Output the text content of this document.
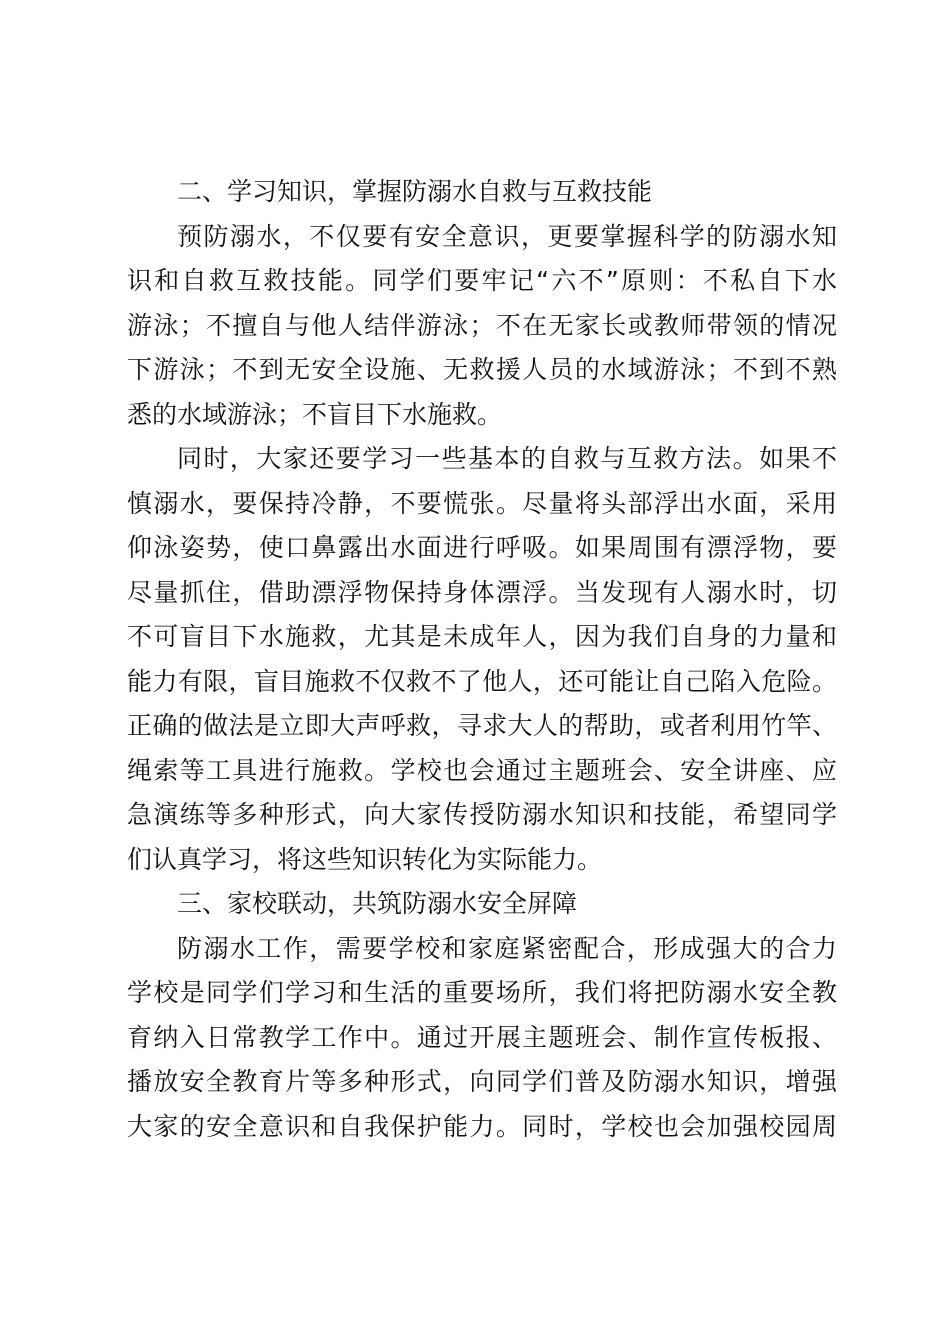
二、学习知识，掌握防溺水自救与互救技能
预防溺水，不仅要有安全意识，更要掌握科学的防溺水知
识和自救互救技能。同学们要牢记“六不”原则：不私自下水
游泳；不擅自与他人结伴游泳；不在无家长或教师带领的情况
下游泳；不到无安全设施、无救援人员的水域游泳；不到不熟
悉的水域游泳；不盲目下水施救。
同时，大家还要学习一些基本的自救与互救方法。如果不
慎溺水，要保持冷静，不要慌张。尽量将头部浮出水面，采用
仰泳姿势，使口鼻露出水面进行呼吸。如果周围有漂浮物，要
尽量抓住，借助漂浮物保持身体漂浮。当发现有人溺水时，切
不可盲目下水施救，尤其是未成年人，因为我们自身的力量和
能力有限，盲目施救不仅救不了他人，还可能让自己陷入危险。
正确的做法是立即大声呼救，寻求大人的帮助，或者利用竹竿、
绳索等工具进行施救。学校也会通过主题班会、安全讲座、应
急演练等多种形式，向大家传授防溺水知识和技能，希望同学
们认真学习，将这些知识转化为实际能力。
三、家校联动，共筑防溺水安全屏障
防溺水工作，需要学校和家庭紧密配合，形成强大的合力
学校是同学们学习和生活的重要场所，我们将把防溺水安全教
育纳入日常教学工作中。通过开展主题班会、制作宣传板报、
播放安全教育片等多种形式，向同学们普及防溺水知识，增强
大家的安全意识和自我保护能力。同时，学校也会加强校园周
